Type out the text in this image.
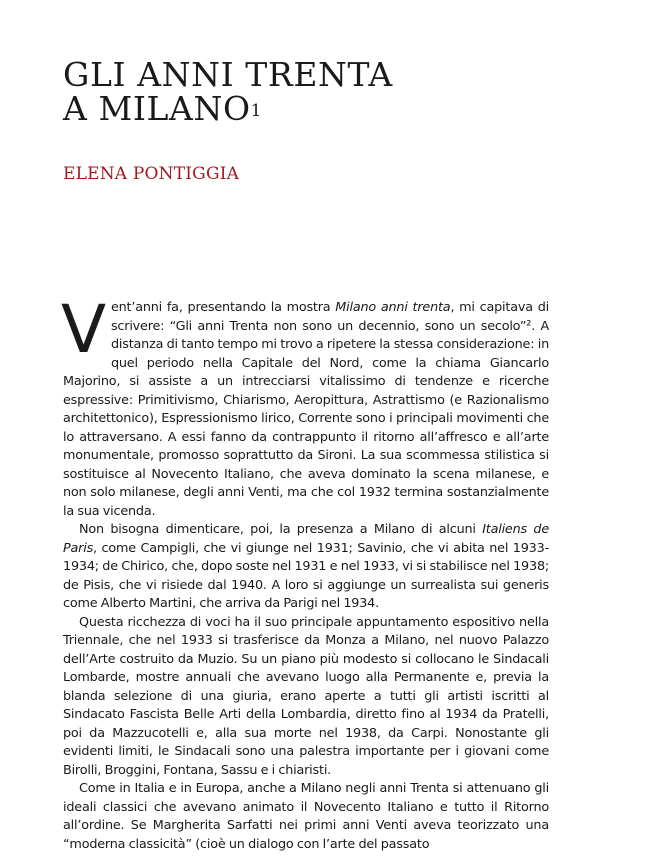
GLI ANNI TRENTA
A MILANO$^1$
ELENA PONTIGGIA

Vent’anni fa, presentando la mostra Milano anni trenta, mi capitava di scrivere: “Gli anni Trenta non sono un decennio, sono un secolo”². A distanza di tanto tempo mi trovo a ripetere la stessa considerazione: in quel periodo nella Capitale del Nord, come la chiama Giancarlo Majorino, si assiste a un intrecciarsi vitalissimo di tendenze e ricerche espressive: Primitivismo, Chiarismo, Aeropittura, Astrattismo (e Razionalismo architettonico), Espressionismo lirico, Corrente sono i principali movimenti che lo attraversano. A essi fanno da contrappunto il ritorno all’affresco e all’arte monumentale, promosso soprattutto da Sironi. La sua scommessa stilistica si sostituisce al Novecento Italiano, che aveva dominato la scena milanese, e non solo milanese, degli anni Venti, ma che col 1932 termina sostanzialmente la sua vicenda.

Non bisogna dimenticare, poi, la presenza a Milano di alcuni Italiens de Paris, come Campigli, che vi giunge nel 1931; Savinio, che vi abita nel 1933-1934; de Chirico, che, dopo soste nel 1931 e nel 1933, vi si stabilisce nel 1938; de Pisis, che vi risiede dal 1940. A loro si aggiunge un surrealista sui generis come Alberto Martini, che arriva da Parigi nel 1934.

Questa ricchezza di voci ha il suo principale appuntamento espositivo nella Triennale, che nel 1933 si trasferisce da Monza a Milano, nel nuovo Palazzo dell’Arte costruito da Muzio. Su un piano più modesto si collocano le Sindacali Lombarde, mostre annuali che avevano luogo alla Permanente e, previa la blanda selezione di una giuria, erano aperte a tutti gli artisti iscritti al Sindacato Fascista Belle Arti della Lombardia, diretto fino al 1934 da Pratelli, poi da Mazzucotelli e, alla sua morte nel 1938, da Carpi. Nonostante gli evidenti limiti, le Sindacali sono una palestra importante per i giovani come Birolli, Broggini, Fontana, Sassu e i chiaristi.

Come in Italia e in Europa, anche a Milano negli anni Trenta si attenuano gli ideali classici che avevano animato il Novecento Italiano e tutto il Ritorno all’ordine. Se Margherita Sarfatti nei primi anni Venti aveva teorizzato una “moderna classicità” (cioè un dialogo con l’arte del passato
